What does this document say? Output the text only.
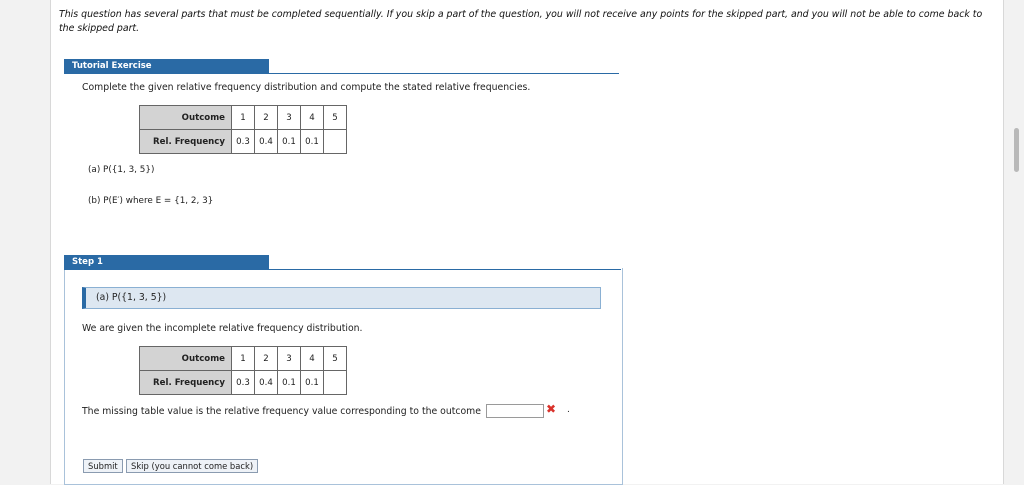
This question has several parts that must be completed sequentially. If you skip a part of the question, you will not receive any points for the skipped part, and you will not be able to come back to the skipped part.
Tutorial Exercise
Complete the given relative frequency distribution and compute the stated relative frequencies.
Outcome	1	2	3	4	5
Rel. Frequency	0.3	0.4	0.1	0.1	
(a) P({1, 3, 5})
(b) P(E′) where E = {1, 2, 3}
Step 1
(a) P({1, 3, 5})
We are given the incomplete relative frequency distribution.
Outcome	1	2	3	4	5
Rel. Frequency	0.3	0.4	0.1	0.1	
The missing table value is the relative frequency value corresponding to the outcome	✖ .
Submit	Skip (you cannot come back)
